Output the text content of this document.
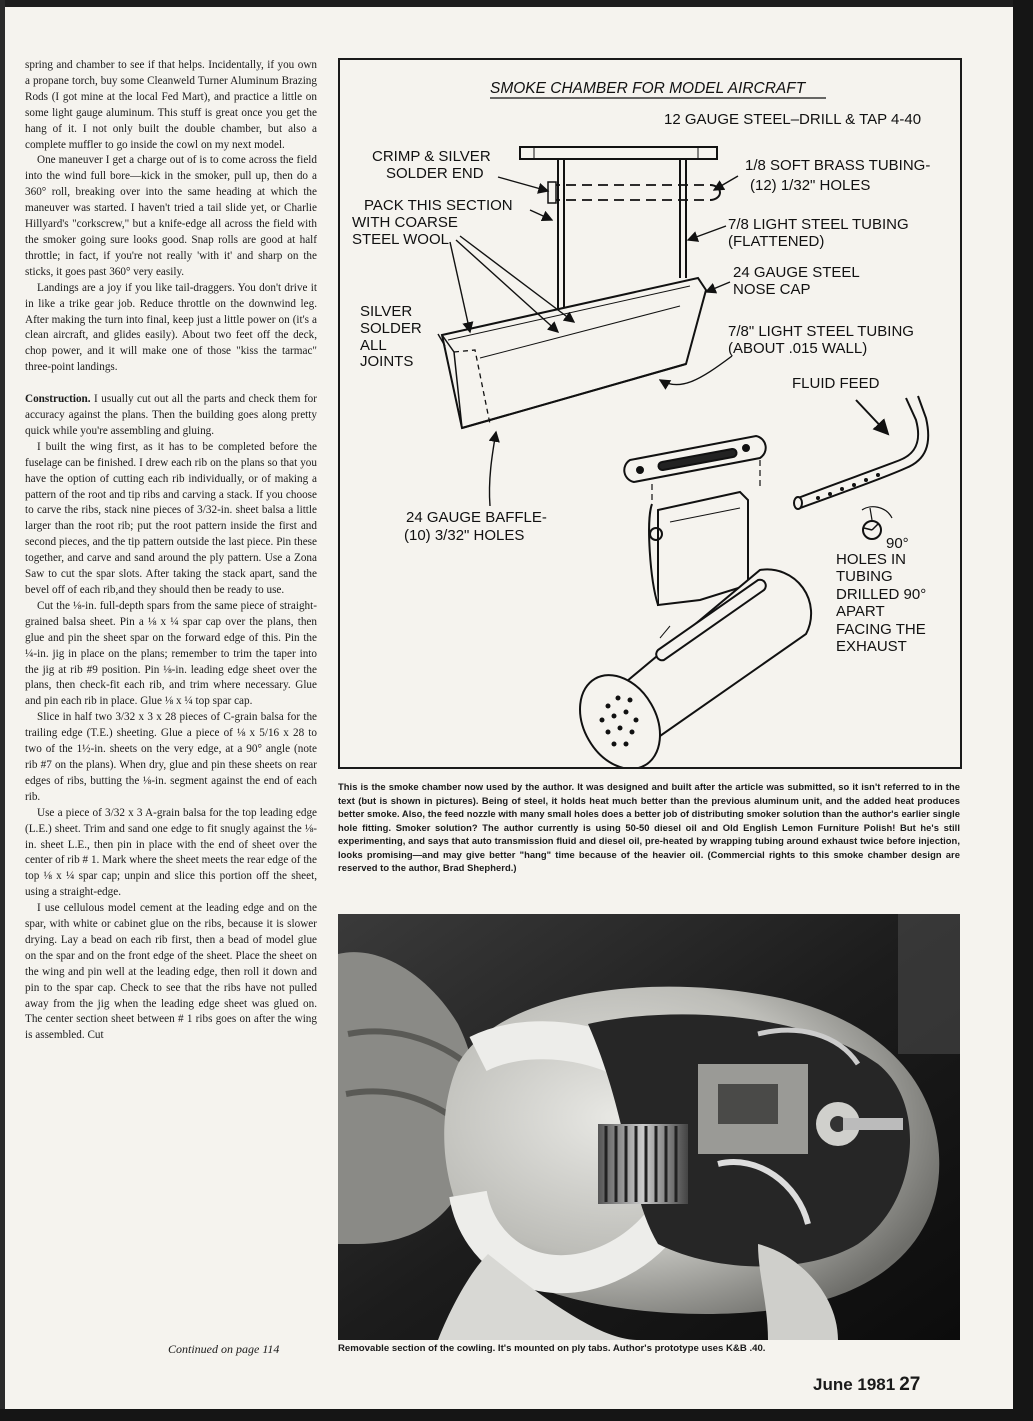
spring and chamber to see if that helps. Incidentally, if you own a propane torch, buy some Cleanweld Turner Aluminum Brazing Rods (I got mine at the local Fed Mart), and practice a little on some light gauge aluminum. This stuff is great once you get the hang of it. I not only built the double chamber, but also a complete muffler to go inside the cowl on my next model.

One maneuver I get a charge out of is to come across the field into the wind full bore—kick in the smoker, pull up, then do a 360° roll, breaking over into the same heading at which the maneuver was started. I haven't tried a tail slide yet, or Charlie Hillyard's "corkscrew," but a knife-edge all across the field with the smoker going sure looks good. Snap rolls are good at half throttle; in fact, if you're not really 'with it' and sharp on the sticks, it goes past 360° very easily.

Landings are a joy if you like tail-draggers. You don't drive it in like a trike gear job. Reduce throttle on the downwind leg. After making the turn into final, keep just a little power on (it's a clean aircraft, and glides easily). About two feet off the deck, chop power, and it will make one of those "kiss the tarmac" three-point landings.

Construction. I usually cut out all the parts and check them for accuracy against the plans. Then the building goes along pretty quick while you're assembling and gluing.

I built the wing first, as it has to be completed before the fuselage can be finished. I drew each rib on the plans so that you have the option of cutting each rib individually, or of making a pattern of the root and tip ribs and carving a stack. If you choose to carve the ribs, stack nine pieces of 3/32-in. sheet balsa a little larger than the root rib; put the root pattern inside the first and second pieces, and the tip pattern outside the last piece. Pin these together, and carve and sand around the ply pattern. Use a Zona Saw to cut the spar slots. After taking the stack apart, sand the bevel off of each rib,and they should then be ready to use.

Cut the ⅛-in. full-depth spars from the same piece of straight-grained balsa sheet. Pin a ⅛ x ¼ spar cap over the plans, then glue and pin the sheet spar on the forward edge of this. Pin the ¼-in. jig in place on the plans; remember to trim the taper into the jig at rib #9 position. Pin ⅛-in. leading edge sheet over the plans, then check-fit each rib, and trim where necessary. Glue and pin each rib in place. Glue ⅛ x ¼ top spar cap.

Slice in half two 3/32 x 3 x 28 pieces of C-grain balsa for the trailing edge (T.E.) sheeting. Glue a piece of ⅛ x 5/16 x 28 to two of the 1½-in. sheets on the very edge, at a 90° angle (note rib #7 on the plans). When dry, glue and pin these sheets on rear edges of ribs, butting the ⅛-in. segment against the end of each rib.

Use a piece of 3/32 x 3 A-grain balsa for the top leading edge (L.E.) sheet. Trim and sand one edge to fit snugly against the ⅛-in. sheet L.E., then pin in place with the end of sheet over the center of rib # 1. Mark where the sheet meets the rear edge of the top ⅛ x ¼ spar cap; unpin and slice this portion off the sheet, using a straight-edge.

I use cellulous model cement at the leading edge and on the spar, with white or cabinet glue on the ribs, because it is slower drying. Lay a bead on each rib first, then a bead of model glue on the spar and on the front edge of the sheet. Place the sheet on the wing and pin well at the leading edge, then roll it down and pin to the spar cap. Check to see that the ribs have not pulled away from the jig when the leading edge sheet was glued on. The center section sheet between # 1 ribs goes on after the wing is assembled. Cut

Continued on page 114
SMOKE CHAMBER FOR MODEL AIRCRAFT
12 GAUGE STEEL–DRILL & TAP 4-40
CRIMP & SILVER
SOLDER END	1/8 SOFT BRASS TUBING-
(12) 1/32" HOLES
PACK THIS SECTION
WITH COARSE
STEEL WOOL
7/8 LIGHT STEEL TUBING
(FLATTENED)
24 GAUGE STEEL
NOSE CAP
SILVER
SOLDER
ALL
JOINTS
7/8" LIGHT STEEL TUBING
(ABOUT .015 WALL)
FLUID FEED
24 GAUGE BAFFLE-
(10) 3/32" HOLES	90°
HOLES IN
TUBING
DRILLED 90°
APART
FACING THE
EXHAUST
This is the smoke chamber now used by the author. It was designed and built after the article was submitted, so it isn't referred to in the text (but is shown in pictures). Being of steel, it holds heat much better than the previous aluminum unit, and the added heat produces better smoke. Also, the feed nozzle with many small holes does a better job of distributing smoker solution than the author's earlier single hole fitting. Smoker solution? The author currently is using 50-50 diesel oil and Old English Lemon Furniture Polish! But he's still experimenting, and says that auto transmission fluid and diesel oil, pre-heated by wrapping tubing around exhaust twice before injection, looks promising—and may give better "hang" time because of the heavier oil. (Commercial rights to this smoke chamber design are reserved to the author, Brad Shepherd.)
Removable section of the cowling. It's mounted on ply tabs. Author's prototype uses K&B .40.
June 1981 27
